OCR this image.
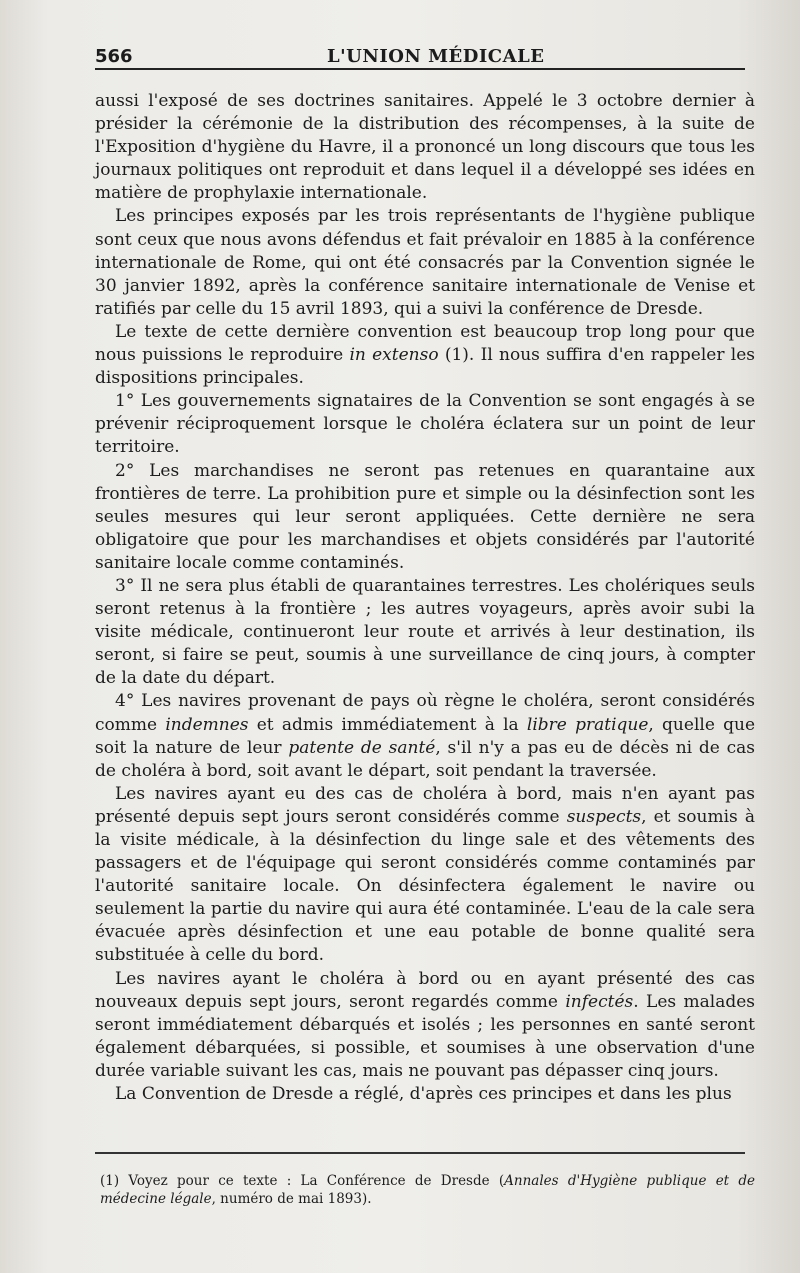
566	L'UNION MÉDICALE

aussi l'exposé de ses doctrines sanitaires. Appelé le 3 octobre dernier à présider la cérémonie de la distribution des récompenses, à la suite de l'Exposition d'hygiène du Havre, il a prononcé un long discours que tous les journaux politiques ont reproduit et dans lequel il a développé ses idées en matière de prophylaxie internationale.

Les principes exposés par les trois représentants de l'hygiène publique sont ceux que nous avons défendus et fait prévaloir en 1885 à la conférence internationale de Rome, qui ont été consacrés par la Convention signée le 30 janvier 1892, après la conférence sanitaire internationale de Venise et ratifiés par celle du 15 avril 1893, qui a suivi la conférence de Dresde.

Le texte de cette dernière convention est beaucoup trop long pour que nous puissions le reproduire in extenso (1). Il nous suffira d'en rappeler les dispositions principales.

1° Les gouvernements signataires de la Convention se sont engagés à se prévenir réciproquement lorsque le choléra éclatera sur un point de leur territoire.

2° Les marchandises ne seront pas retenues en quarantaine aux frontières de terre. La prohibition pure et simple ou la désinfection sont les seules mesures qui leur seront appliquées. Cette dernière ne sera obligatoire que pour les marchandises et objets considérés par l'autorité sanitaire locale comme contaminés.

3° Il ne sera plus établi de quarantaines terrestres. Les cholériques seuls seront retenus à la frontière ; les autres voyageurs, après avoir subi la visite médicale, continueront leur route et arrivés à leur destination, ils seront, si faire se peut, soumis à une surveillance de cinq jours, à compter de la date du départ.

4° Les navires provenant de pays où règne le choléra, seront considérés comme indemnes et admis immédiatement à la libre pratique, quelle que soit la nature de leur patente de santé, s'il n'y a pas eu de décès ni de cas de choléra à bord, soit avant le départ, soit pendant la traversée.

Les navires ayant eu des cas de choléra à bord, mais n'en ayant pas présenté depuis sept jours seront considérés comme suspects, et soumis à la visite médicale, à la désinfection du linge sale et des vêtements des passagers et de l'équipage qui seront considérés comme contaminés par l'autorité sanitaire locale. On désinfectera également le navire ou seulement la partie du navire qui aura été contaminée. L'eau de la cale sera évacuée après désinfection et une eau potable de bonne qualité sera substituée à celle du bord.

Les navires ayant le choléra à bord ou en ayant présenté des cas nouveaux depuis sept jours, seront regardés comme infectés. Les malades seront immédiatement débarqués et isolés ; les personnes en santé seront également débarquées, si possible, et soumises à une observation d'une durée variable suivant les cas, mais ne pouvant pas dépasser cinq jours.

La Convention de Dresde a réglé, d'après ces principes et dans les plus

(1) Voyez pour ce texte : La Conférence de Dresde (Annales d'Hygiène publique et de médecine légale, numéro de mai 1893).
